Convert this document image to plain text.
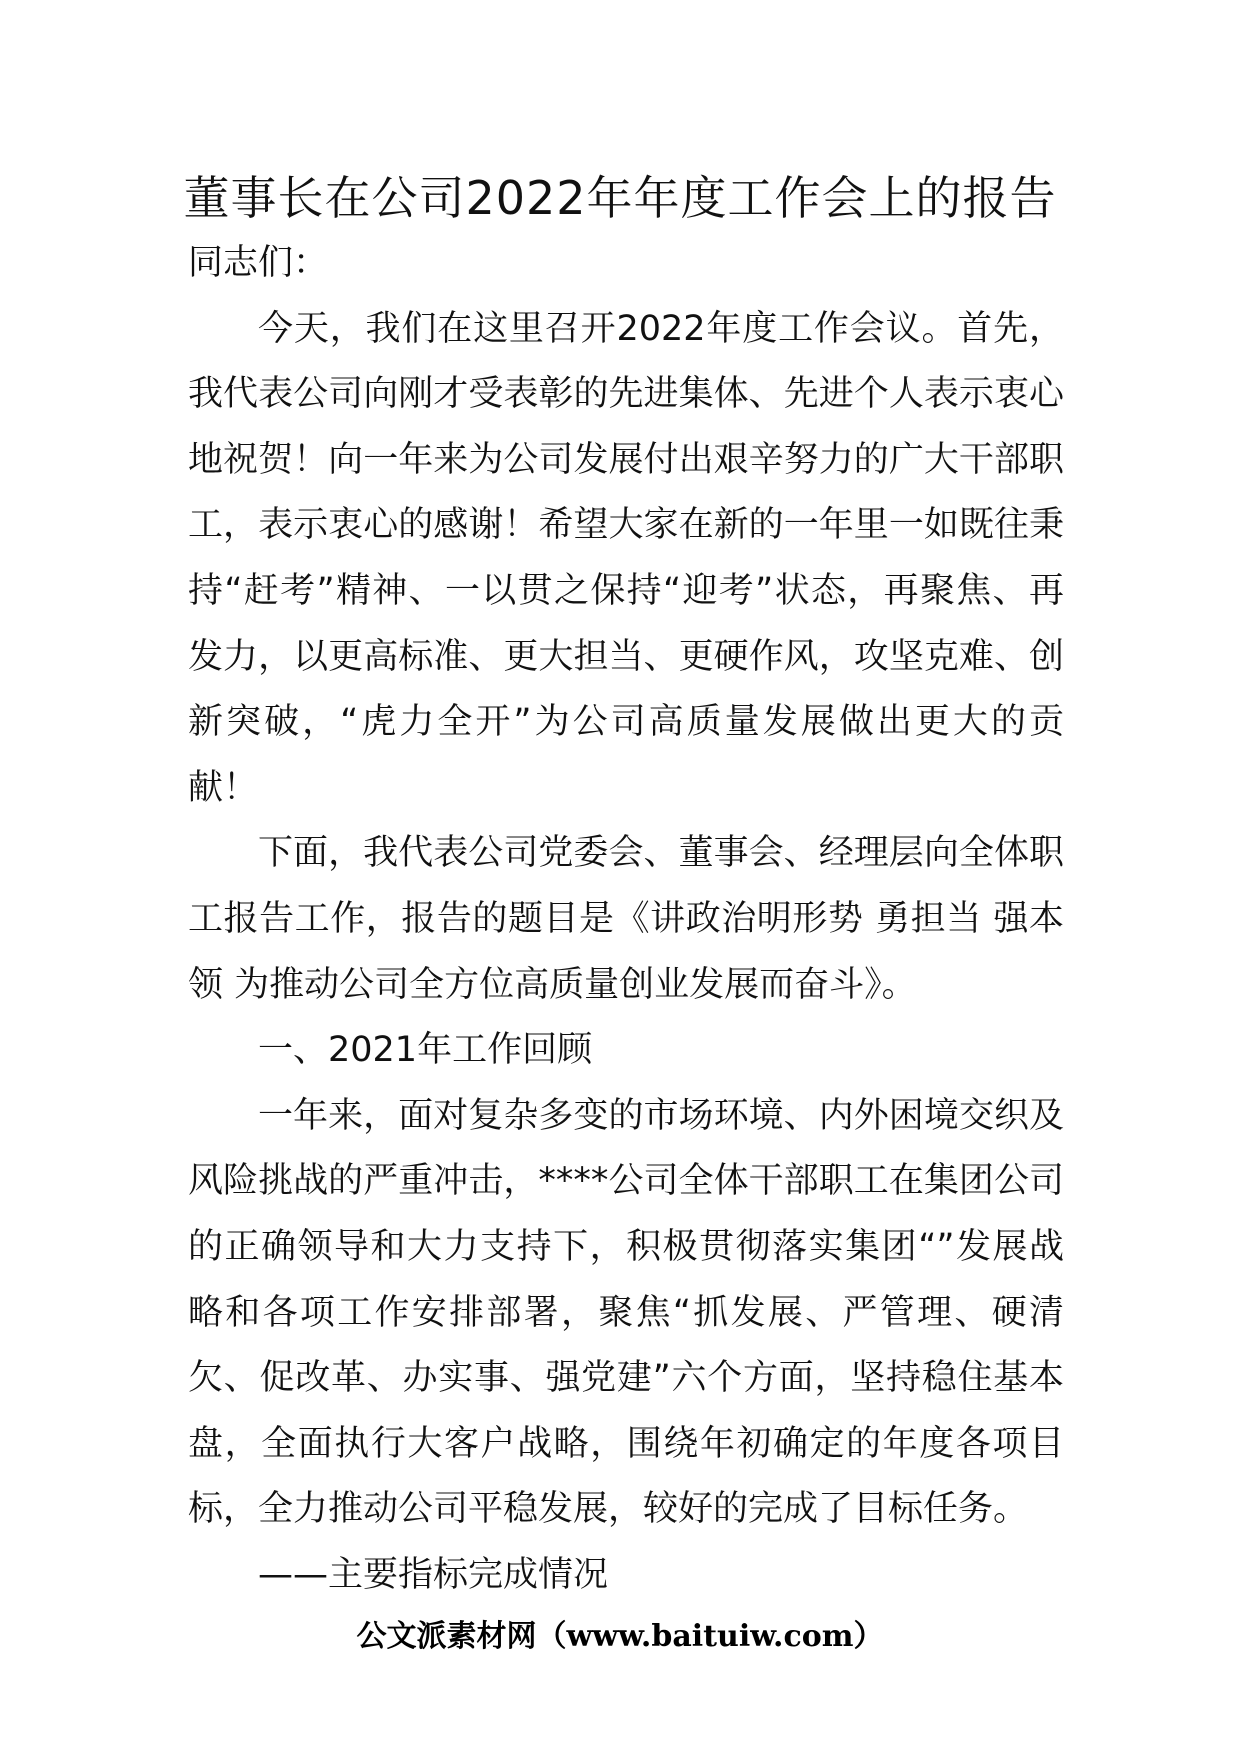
董事长在公司2022年年度工作会上的报告

同志们：

今天，我们在这里召开2022年度工作会议。首先，我代表公司向刚才受表彰的先进集体、先进个人表示衷心地祝贺！向一年来为公司发展付出艰辛努力的广大干部职工，表示衷心的感谢！希望大家在新的一年里一如既往秉持“赶考”精神、一以贯之保持“迎考”状态，再聚焦、再发力，以更高标准、更大担当、更硬作风，攻坚克难、创新突破，“虎力全开”为公司高质量发展做出更大的贡献！

下面，我代表公司党委会、董事会、经理层向全体职工报告工作，报告的题目是《讲政治明形势 勇担当 强本领 为推动公司全方位高质量创业发展而奋斗》。

一、2021年工作回顾

一年来，面对复杂多变的市场环境、内外困境交织及风险挑战的严重冲击，****公司全体干部职工在集团公司的正确领导和大力支持下，积极贯彻落实集团“”发展战略和各项工作安排部署，聚焦“抓发展、严管理、硬清欠、促改革、办实事、强党建”六个方面，坚持稳住基本盘，全面执行大客户战略，围绕年初确定的年度各项目标，全力推动公司平稳发展，较好的完成了目标任务。

——主要指标完成情况

公文派素材网（www.baituiw.com）
